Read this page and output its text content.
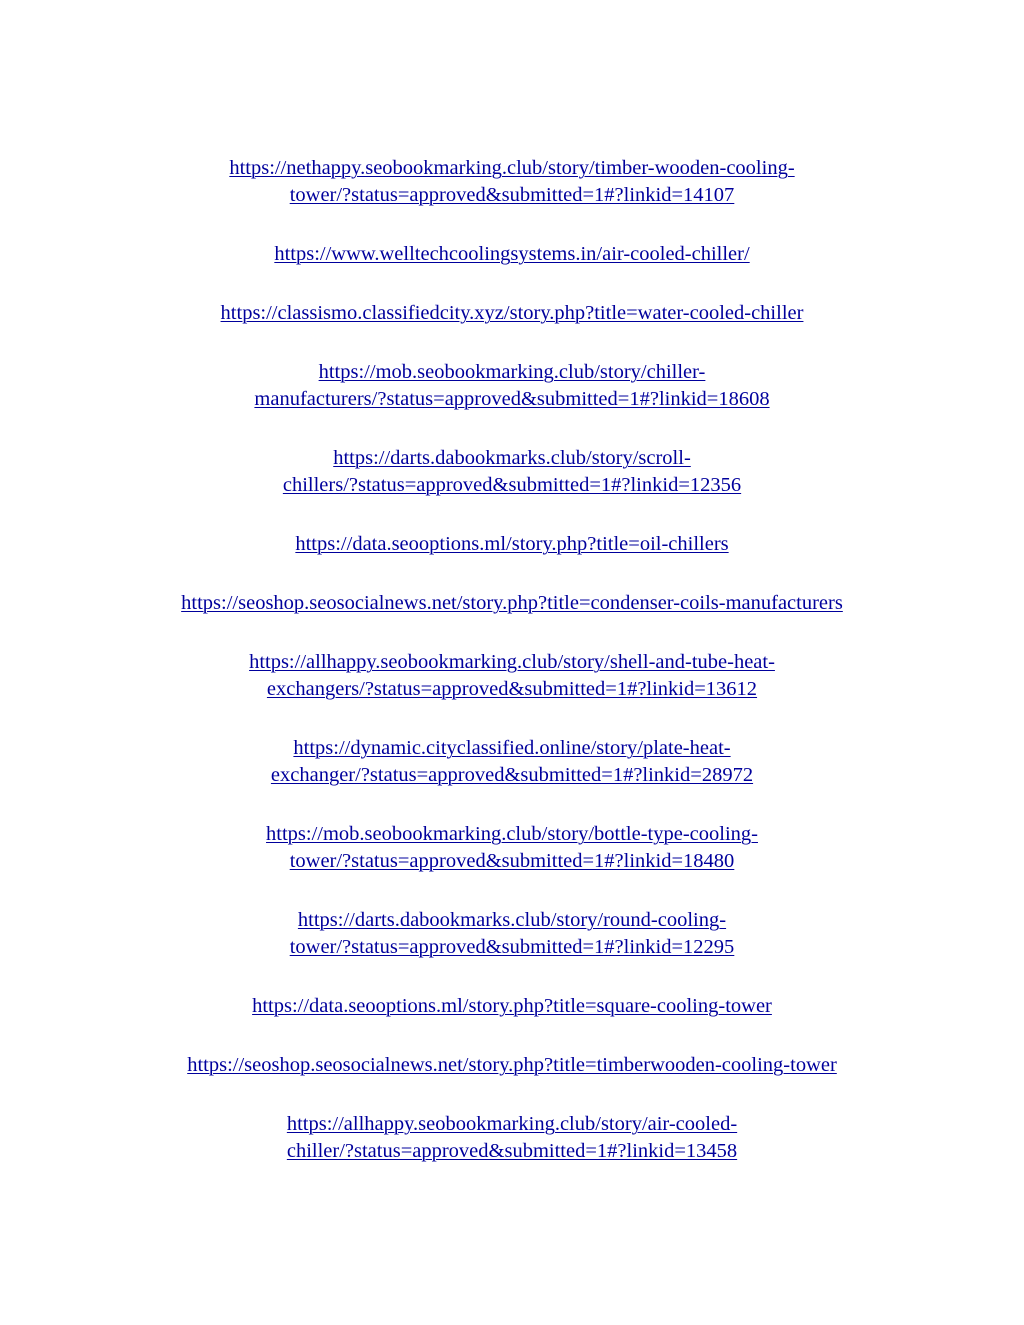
https://nethappy.seobookmarking.club/story/timber-wooden-cooling-
tower/?status=approved&submitted=1#?linkid=14107
https://www.welltechcoolingsystems.in/air-cooled-chiller/
https://classismo.classifiedcity.xyz/story.php?title=water-cooled-chiller
https://mob.seobookmarking.club/story/chiller-
manufacturers/?status=approved&submitted=1#?linkid=18608
https://darts.dabookmarks.club/story/scroll-
chillers/?status=approved&submitted=1#?linkid=12356
https://data.seooptions.ml/story.php?title=oil-chillers
https://seoshop.seosocialnews.net/story.php?title=condenser-coils-manufacturers
https://allhappy.seobookmarking.club/story/shell-and-tube-heat-
exchangers/?status=approved&submitted=1#?linkid=13612
https://dynamic.cityclassified.online/story/plate-heat-
exchanger/?status=approved&submitted=1#?linkid=28972
https://mob.seobookmarking.club/story/bottle-type-cooling-
tower/?status=approved&submitted=1#?linkid=18480
https://darts.dabookmarks.club/story/round-cooling-
tower/?status=approved&submitted=1#?linkid=12295
https://data.seooptions.ml/story.php?title=square-cooling-tower
https://seoshop.seosocialnews.net/story.php?title=timberwooden-cooling-tower
https://allhappy.seobookmarking.club/story/air-cooled-
chiller/?status=approved&submitted=1#?linkid=13458
